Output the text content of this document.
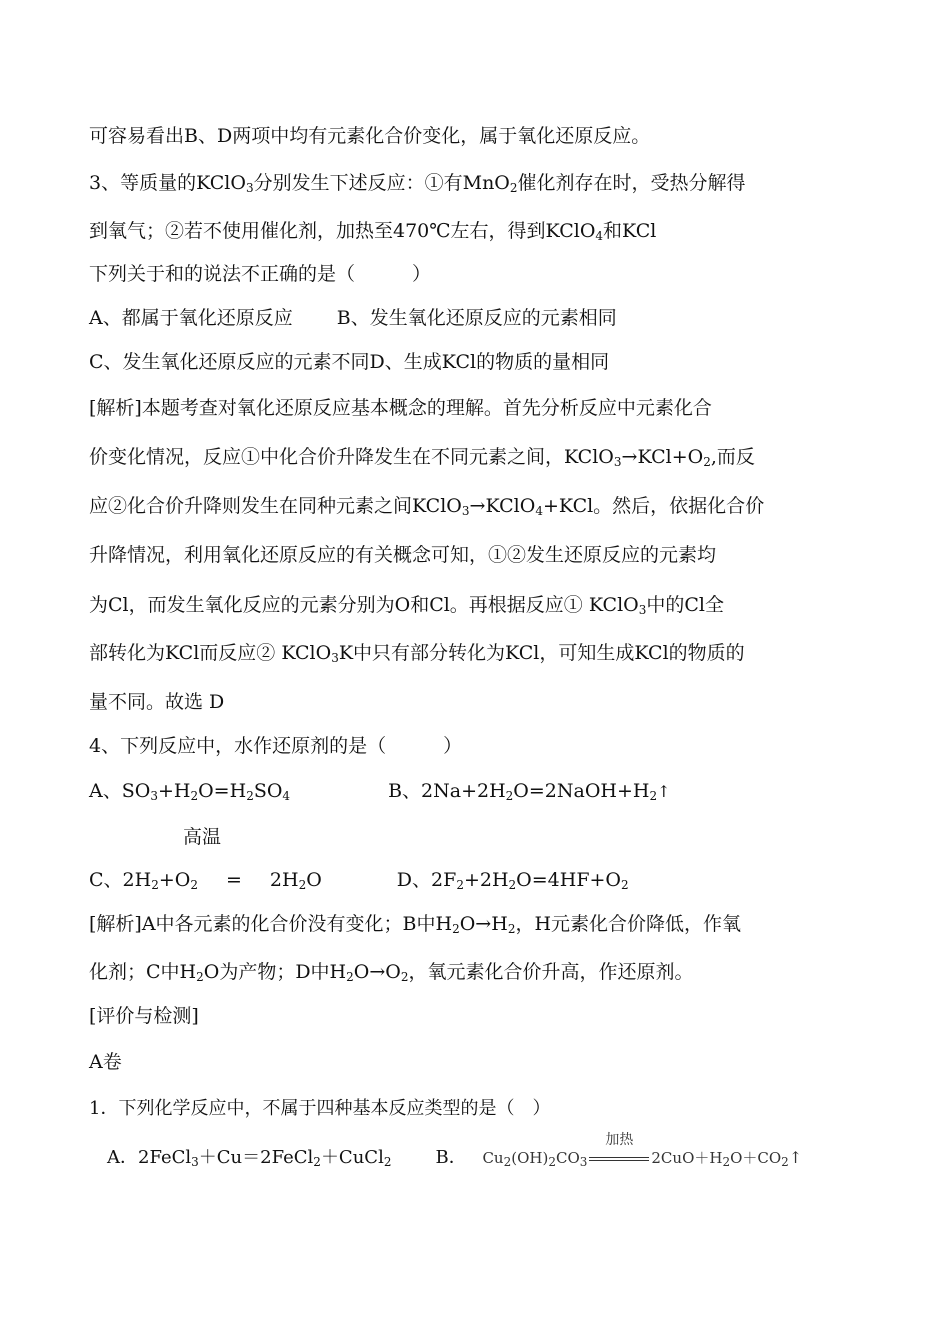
可容易看出B、D两项中均有元素化合价变化，属于氧化还原反应。
3、等质量的KClO3分别发生下述反应：①有MnO2催化剂存在时，受热分解得
到氧气；②若不使用催化剂，加热至470℃左右，得到KClO4和KCl
下列关于和的说法不正确的是（　　　）
A、都属于氧化还原反应　　 B、发生氧化还原反应的元素相同
C、发生氧化还原反应的元素不同D、生成KCl的物质的量相同
[解析]本题考查对氧化还原反应基本概念的理解。首先分析反应中元素化合
价变化情况，反应①中化合价升降发生在不同元素之间，KClO3→KCl+O2,而反
应②化合价升降则发生在同种元素之间KClO3→KClO4+KCl。然后，依据化合价
升降情况，利用氧化还原反应的有关概念可知，①②发生还原反应的元素均
为Cl，而发生氧化反应的元素分别为O和Cl。再根据反应① KClO3中的Cl全
部转化为KCl而反应② KClO3K中只有部分转化为KCl，可知生成KCl的物质的
量不同。故选 D
4、下列反应中，水作还原剂的是（　　　）
A、SO3+H2O=H2SO4	B、2Na+2H2O=2NaOH+H2↑
高温
C、2H2+O2 = 2H2O	D、2F2+2H2O=4HF+O2
[解析]A中各元素的化合价没有变化；B中H2O→H2，H元素化合价降低，作氧
化剂；C中H2O为产物；D中H2O→O2，氧元素化合价升高，作还原剂。
[评价与检测]
A卷
1．下列化学反应中，不属于四种基本反应类型的是（　）
A．2FeCl3＋Cu＝2FeCl2＋CuCl2 B． $Cu_2(OH)_2CO_3$
加热
$2CuO+H_2O+CO_2↑$
